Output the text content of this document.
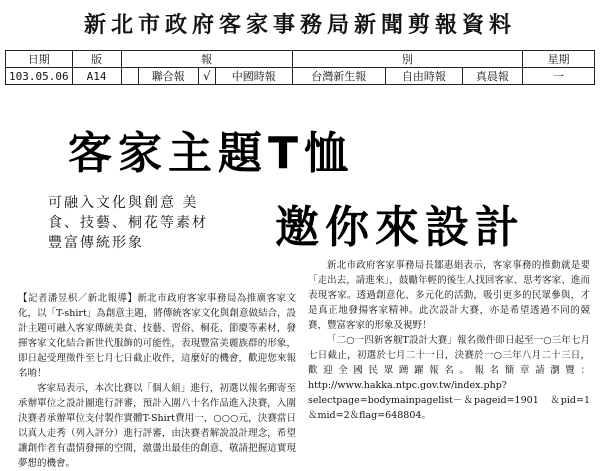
新北市政府客家事務局新聞剪報資料
日期	版	報				別			星期
103.05.06	A14		聯合報	√	中國時報	台灣新生報	自由時報	真晨報	一
客家主題T恤
可融入文化與創意 美
食、技藝、桐花等素材
豐富傳統形象	邀你來設計

【記者潘昱枳／新北報導】新北市政府客家事務局為推廣客家文化，以「T-shirt」為創意主題，將傳統客家文化與創意做結合，設計主題可融入客家傳統美食、技藝、習俗、桐花、節慶等素材，發揮客家文化結合新世代服飾的可能性，表現豐富美麗族群的形象，即日起受理徵件至七月七日截止收件，這麼好的機會，歡迎您來報名唷！

客家局表示，本次比賽以「個人組」進行，初選以報名郵寄至承辦單位之設計圖進行評審，預計入圍八十名作品進入決賽，入圍決賽者承辦單位支付製作實體T-Shirt費用一，○○○元，決賽當日以真人走秀（列入評分）進行評審，由決賽者解說設計理念，希望讓創作者有盡情發揮的空間，激盪出最佳的創意，敬請把握這實現夢想的機會。

新北市政府客家事務局長鄒惠娟表示，客家事務的推動就是要「走出去，請進來」，鼓勵年輕的後生人找回客家、思考客家、進而表現客家。透過創意化、多元化的活動，吸引更多的民眾參與，才是真正地發揚客家精神。此次設計大賽，亦是希望透過不同的競賽，豐富客家的形象及視野！

「二○一四新客舰T設計大賽」報名徵件即日起至一○三年七月七日截止，初選於七月二十一日，決賽於一○三年八月二十三日，歡迎全國民眾踴躍報名。報名簡章請瀏覽：http://www.hakka.ntpc.gov.tw/index.php?selectpage=bodymainpagelist－＆pageid=1901　＆pid=1　＆mid=2＆flag=648804。
